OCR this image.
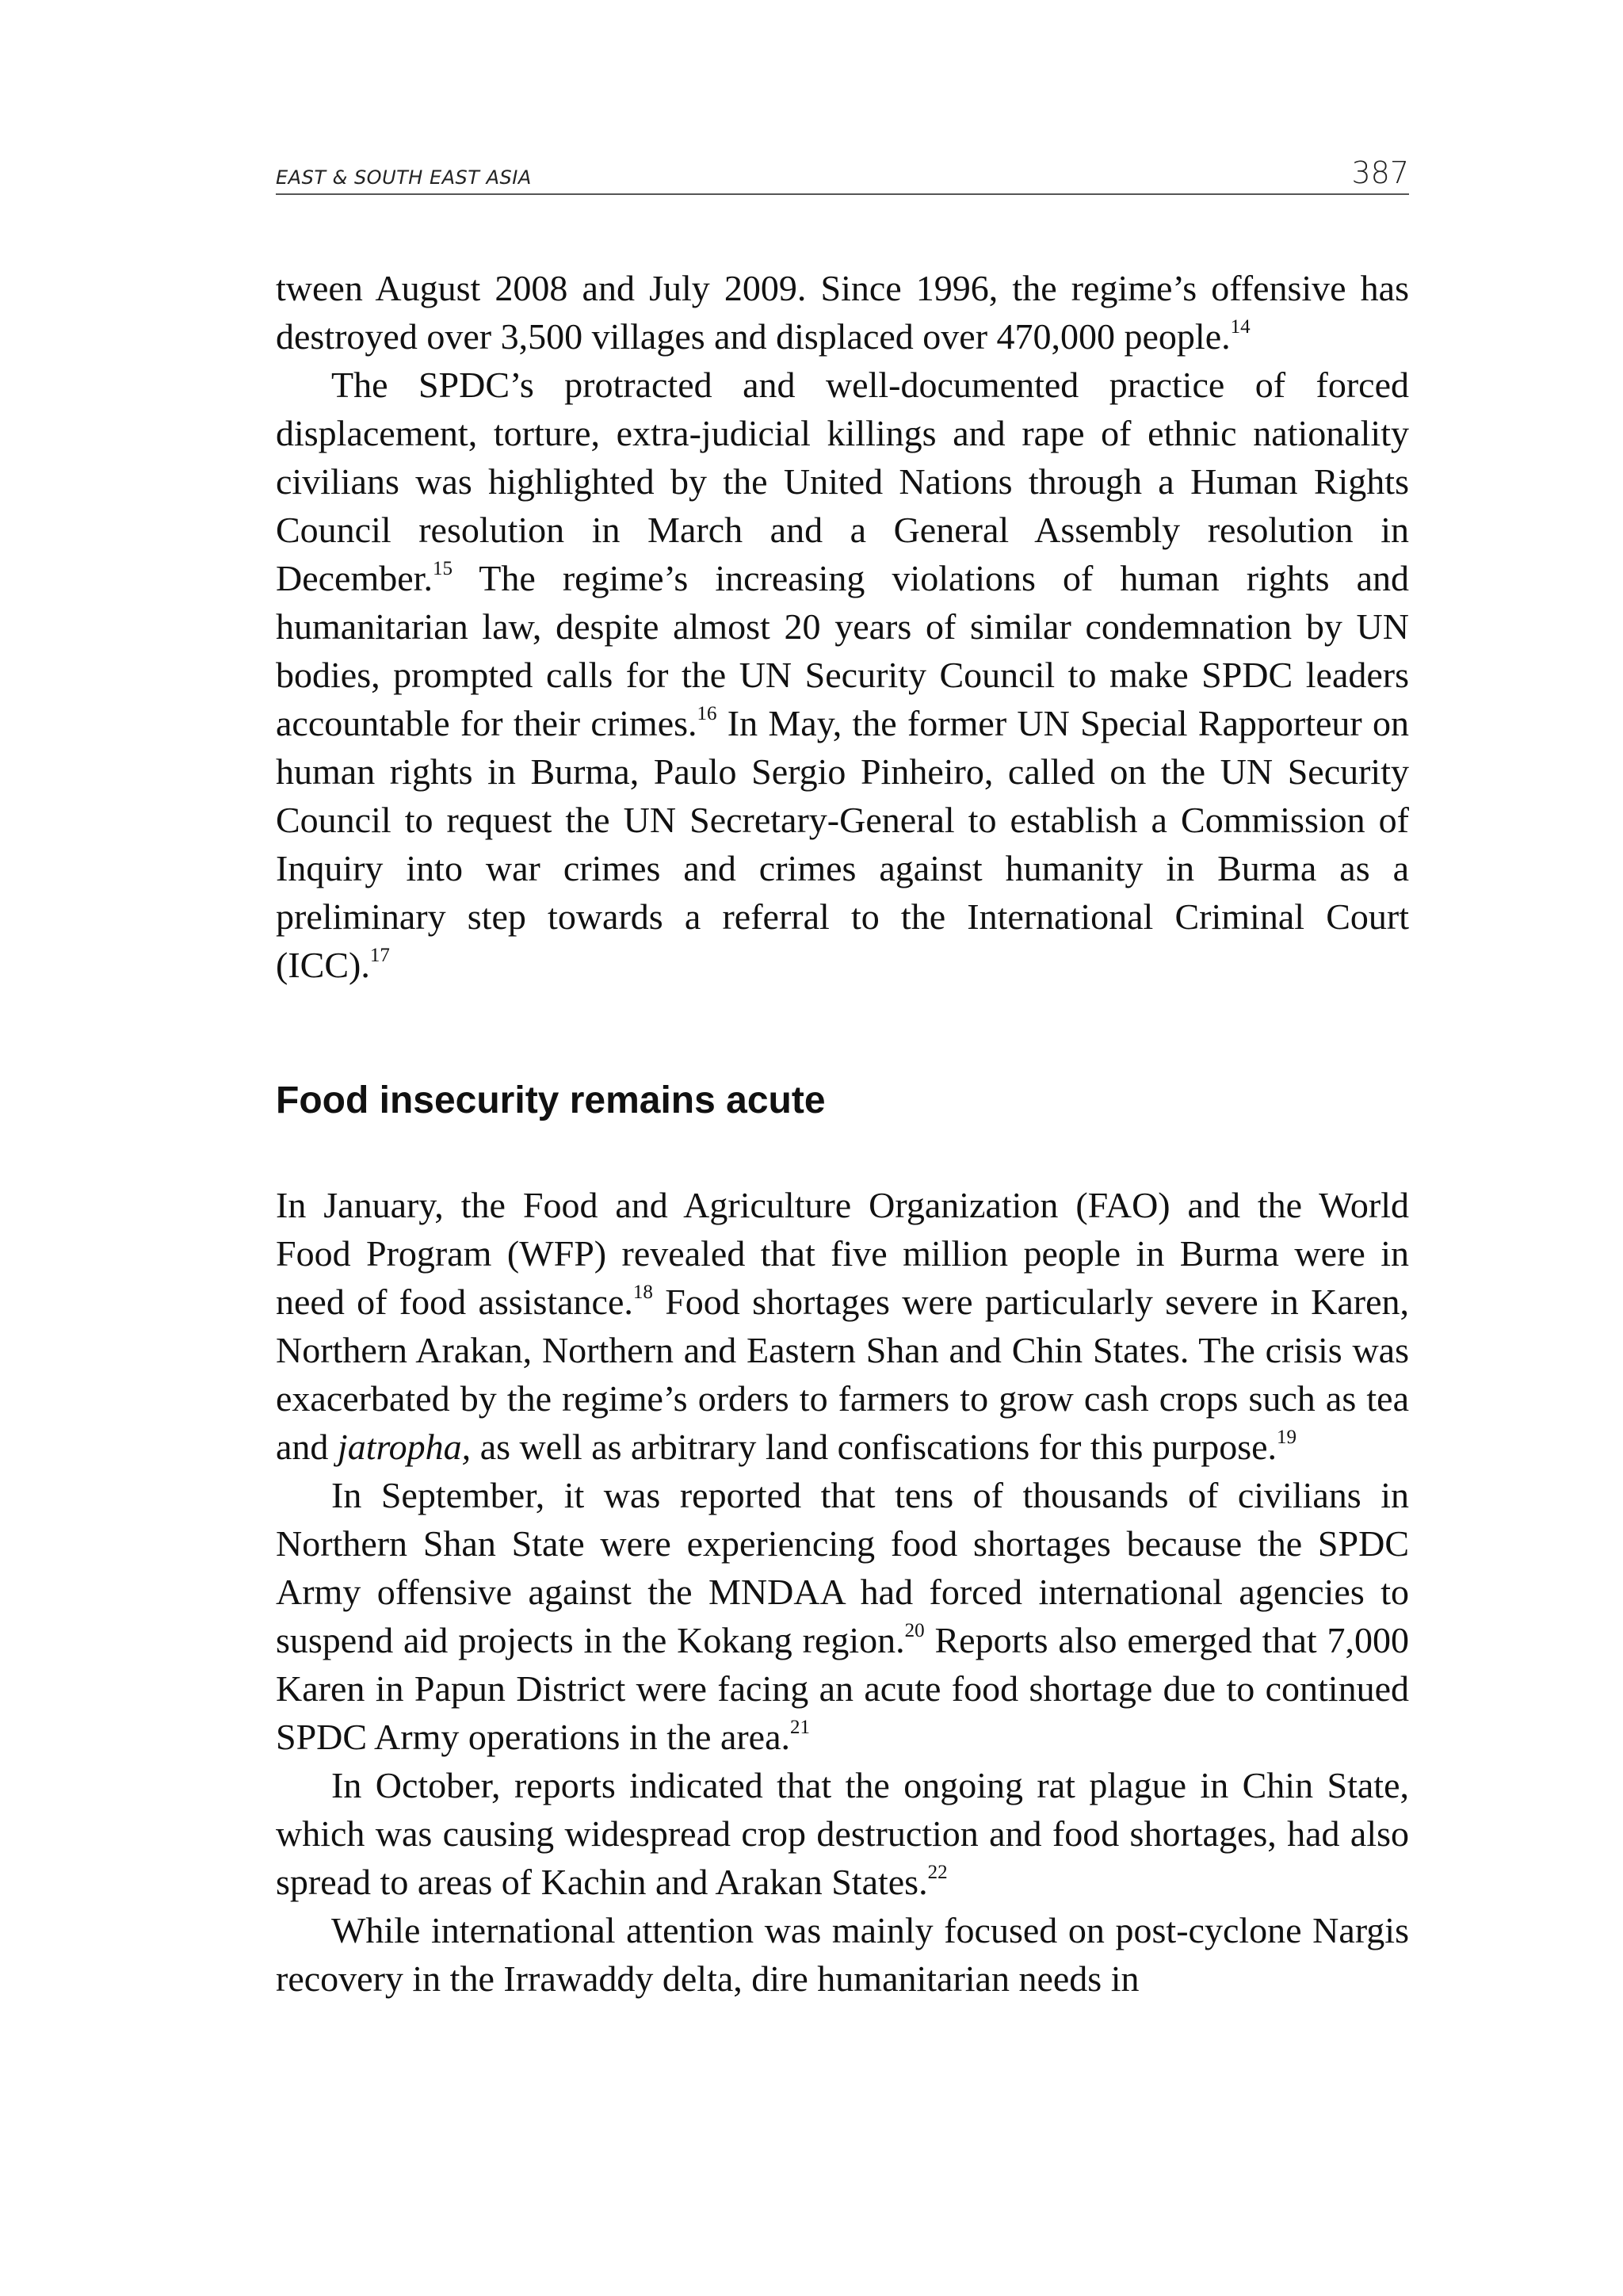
EAST & SOUTH EAST ASIA	387

tween August 2008 and July 2009. Since 1996, the regime’s offensive has destroyed over 3,500 villages and displaced over 470,000 people.$^{14}$

The SPDC’s protracted and well-documented practice of forced displacement, torture, extra-judicial killings and rape of ethnic nationality civilians was highlighted by the United Nations through a Human Rights Council resolution in March and a General Assembly resolution in December.$^{15}$ The regime’s increasing violations of human rights and humanitarian law, despite almost 20 years of similar condemnation by UN bodies, prompted calls for the UN Security Council to make SPDC leaders accountable for their crimes.$^{16}$ In May, the former UN Special Rapporteur on human rights in Burma, Paulo Sergio Pinheiro, called on the UN Security Council to request the UN Secretary-General to establish a Commission of Inquiry into war crimes and crimes against humanity in Burma as a preliminary step towards a referral to the International Criminal Court (ICC).$^{17}$

Food insecurity remains acute

In January, the Food and Agriculture Organization (FAO) and the World Food Program (WFP) revealed that five million people in Burma were in need of food assistance.$^{18}$ Food shortages were particularly severe in Karen, Northern Arakan, Northern and Eastern Shan and Chin States. The crisis was exacerbated by the regime’s orders to farmers to grow cash crops such as tea and jatropha, as well as arbitrary land confiscations for this purpose.$^{19}$

In September, it was reported that tens of thousands of civilians in Northern Shan State were experiencing food shortages because the SPDC Army offensive against the MNDAA had forced international agencies to suspend aid projects in the Kokang region.$^{20}$ Reports also emerged that 7,000 Karen in Papun District were facing an acute food shortage due to continued SPDC Army operations in the area.$^{21}$

In October, reports indicated that the ongoing rat plague in Chin State, which was causing widespread crop destruction and food shortages, had also spread to areas of Kachin and Arakan States.$^{22}$

While international attention was mainly focused on post-cyclone Nargis recovery in the Irrawaddy delta, dire humanitarian needs in
